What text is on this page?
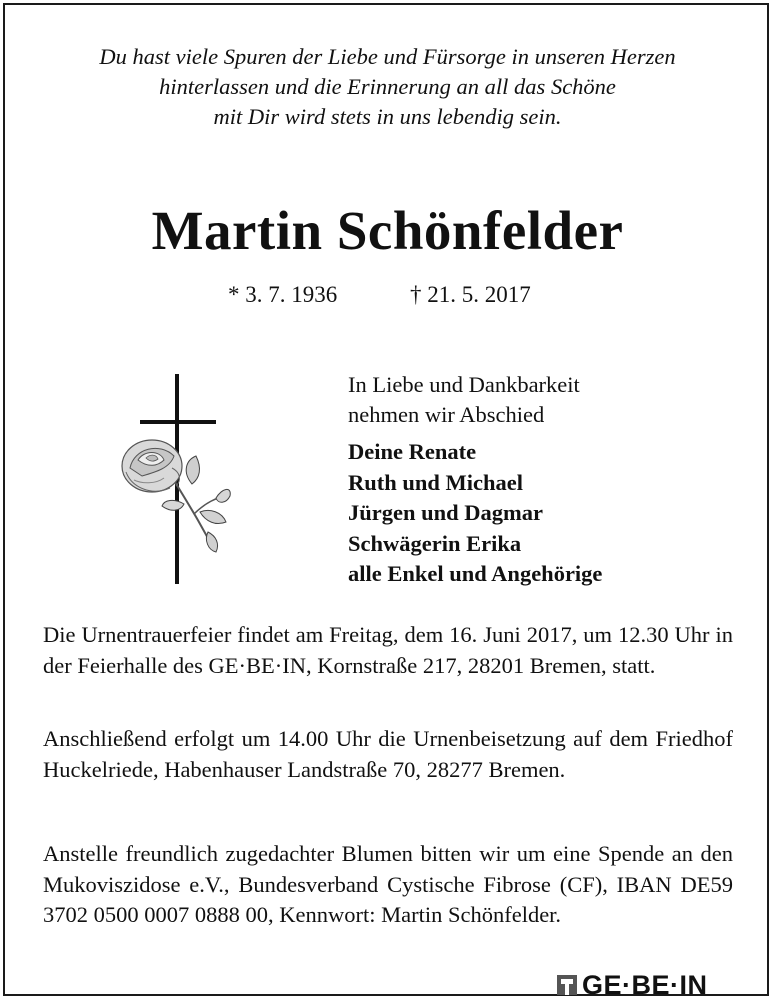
Du hast viele Spuren der Liebe und Fürsorge in unseren Herzen
hinterlassen und die Erinnerung an all das Schöne
mit Dir wird stets in uns lebendig sein.
Martin Schönfelder
* 3. 7. 1936	† 21. 5. 2017
In Liebe und Dankbarkeit
nehmen wir Abschied
Deine Renate
Ruth und Michael
Jürgen und Dagmar
Schwägerin Erika
alle Enkel und Angehörige
Die Urnentrauerfeier findet am Freitag, dem 16. Juni 2017, um 12.30 Uhr in der Feierhalle des GE·BE·IN, Kornstraße 217, 28201 Bremen, statt.
Anschließend erfolgt um 14.00 Uhr die Urnenbeisetzung auf dem Friedhof Huckelriede, Habenhauser Landstraße 70, 28277 Bremen.
Anstelle freundlich zugedachter Blumen bitten wir um eine Spende an den Mukoviszidose e.V., Bundesverband Cystische Fibrose (CF), IBAN DE59 3702 0500 0007 0888 00, Kennwort: Martin Schönfelder.
GE·BE·IN
